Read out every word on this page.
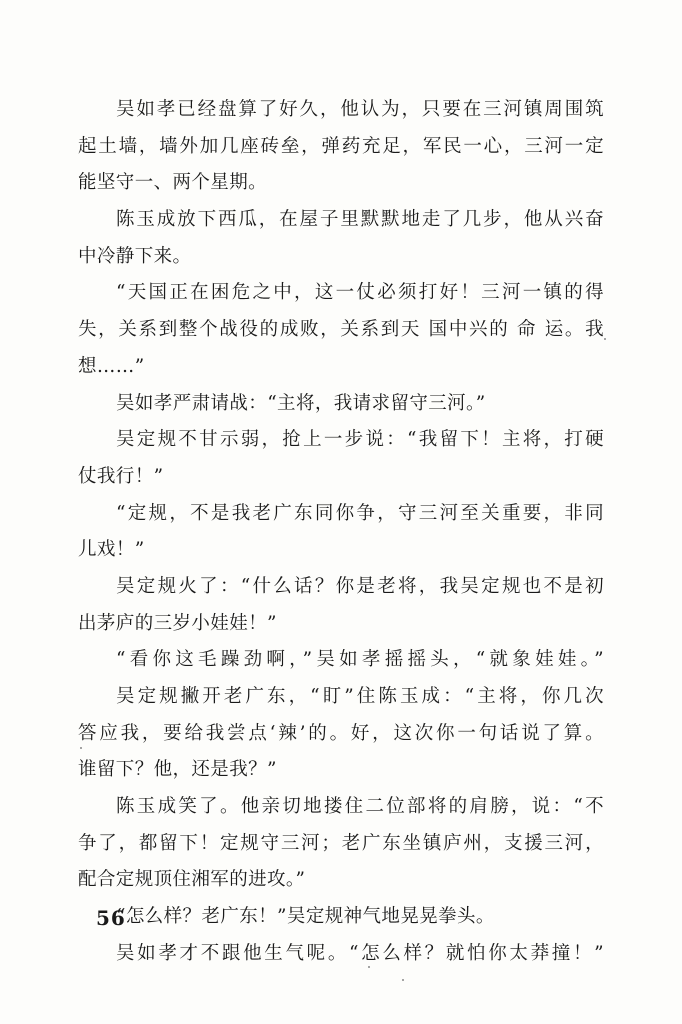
吴如孝已经盘算了好久，他认为，只要在三河镇周围筑
起土墙，墙外加几座砖垒，弹药充足，军民一心，三河一定
能坚守一、两个星期。
陈玉成放下西瓜，在屋子里默默地走了几步，他从兴奋
中冷静下来。
“天国正在困危之中，这一仗必须打好！三河一镇的得
失，关系到整个战役的成败，关系到天 国中兴的 命 运。我
想……”
吴如孝严肃请战：“主将，我请求留守三河。”
吴定规不甘示弱，抢上一步说：“我留下！主将，打硬
仗我行！”
“定规，不是我老广东同你争，守三河至关重要，非同
儿戏！”
吴定规火了：“什么话？你是老将，我吴定规也不是初
出茅庐的三岁小娃娃！”
“看你这毛躁劲啊，”吴如孝摇摇头，“就象娃娃。”
吴定规撇开老广东，“盯”住陈玉成：“主将，你几次
答应我，要给我尝点‘辣’的。好，这次你一句话说了算。
谁留下？他，还是我？”
陈玉成笑了。他亲切地搂住二位部将的肩膀，说：“不
争了，都留下！定规守三河；老广东坐镇庐州，支援三河，
配合定规顶住湘军的进攻。”
“怎么样？老广东！”吴定规神气地晃晃拳头。
吴如孝才不跟他生气呢。“怎么样？就怕你太莽撞！”
56
